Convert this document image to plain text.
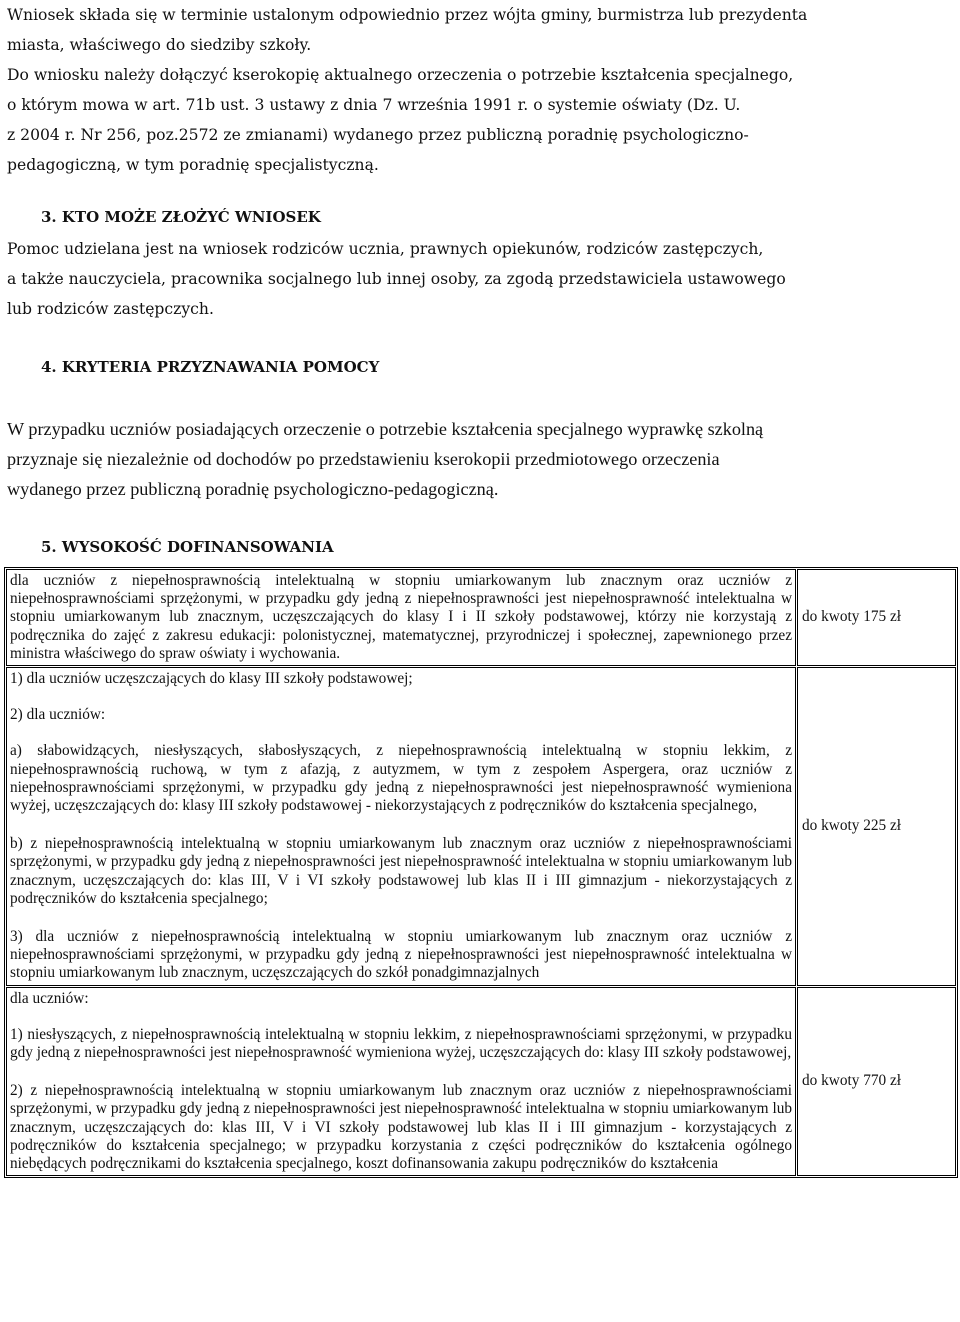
Wniosek składa się w terminie ustalonym odpowiednio przez wójta gminy, burmistrza lub prezydenta
miasta, właściwego do siedziby szkoły.
Do wniosku należy dołączyć kserokopię aktualnego orzeczenia o potrzebie kształcenia specjalnego,
o którym mowa w art. 71b ust. 3 ustawy z dnia 7 września 1991 r. o systemie oświaty (Dz. U.
z 2004 r. Nr 256, poz.2572 ze zmianami) wydanego przez publiczną poradnię psychologiczno-
pedagogiczną, w tym poradnię specjalistyczną.
3. KTO MOŻE ZŁOŻYĆ WNIOSEK
Pomoc udzielana jest na wniosek rodziców ucznia, prawnych opiekunów, rodziców zastępczych,
a także nauczyciela, pracownika socjalnego lub innej osoby, za zgodą przedstawiciela ustawowego
lub rodziców zastępczych.
4. KRYTERIA PRZYZNAWANIA POMOCY
W przypadku uczniów posiadających orzeczenie o potrzebie kształcenia specjalnego wyprawkę szkolną
przyznaje się niezależnie od dochodów po przedstawieniu kserokopii przedmiotowego orzeczenia
wydanego przez publiczną poradnię psychologiczno-pedagogiczną.
5. WYSOKOŚĆ DOFINANSOWANIA
dla uczniów z niepełnosprawnością intelektualną w stopniu umiarkowanym lub znacznym oraz uczniów z niepełnosprawnościami sprzężonymi, w przypadku gdy jedną z niepełnosprawności jest niepełnosprawność intelektualna w stopniu umiarkowanym lub znacznym, uczęszczających do klasy I i II szkoły podstawowej, którzy nie korzystają z podręcznika do zajęć z zakresu edukacji: polonistycznej, matematycznej, przyrodniczej i społecznej, zapewnionego przez ministra właściwego do spraw oświaty i wychowania.	do kwoty 175 zł
1) dla uczniów uczęszczających do klasy III szkoły podstawowej;
2) dla uczniów:
a) słabowidzących, niesłyszących, słabosłyszących, z niepełnosprawnością intelektualną w stopniu lekkim, z niepełnosprawnością ruchową, w tym z afazją, z autyzmem, w tym z zespołem Aspergera, oraz uczniów z niepełnosprawnościami sprzężonymi, w przypadku gdy jedną z niepełnosprawności jest niepełnosprawność wymieniona wyżej, uczęszczających do: klasy III szkoły podstawowej - niekorzystających z podręczników do kształcenia specjalnego,
b) z niepełnosprawnością intelektualną w stopniu umiarkowanym lub znacznym oraz uczniów z niepełnosprawnościami sprzężonymi, w przypadku gdy jedną z niepełnosprawności jest niepełnosprawność intelektualna w stopniu umiarkowanym lub znacznym, uczęszczających do: klas III, V i VI szkoły podstawowej lub klas II i III gimnazjum - niekorzystających z podręczników do kształcenia specjalnego;
3) dla uczniów z niepełnosprawnością intelektualną w stopniu umiarkowanym lub znacznym oraz uczniów z niepełnosprawnościami sprzężonymi, w przypadku gdy jedną z niepełnosprawności jest niepełnosprawność intelektualna w stopniu umiarkowanym lub znacznym, uczęszczających do szkół ponadgimnazjalnych	do kwoty 225 zł
dla uczniów:
1) niesłyszących, z niepełnosprawnością intelektualną w stopniu lekkim, z niepełnosprawnościami sprzężonymi, w przypadku gdy jedną z niepełnosprawności jest niepełnosprawność wymieniona wyżej, uczęszczających do: klasy III szkoły podstawowej,
2) z niepełnosprawnością intelektualną w stopniu umiarkowanym lub znacznym oraz uczniów z niepełnosprawnościami sprzężonymi, w przypadku gdy jedną z niepełnosprawności jest niepełnosprawność intelektualna w stopniu umiarkowanym lub znacznym, uczęszczających do: klas III, V i VI szkoły podstawowej lub klas II i III gimnazjum - korzystających z podręczników do kształcenia specjalnego; w przypadku korzystania z części podręczników do kształcenia ogólnego niebędących podręcznikami do kształcenia specjalnego, koszt dofinansowania zakupu podręczników do kształcenia	do kwoty 770 zł
